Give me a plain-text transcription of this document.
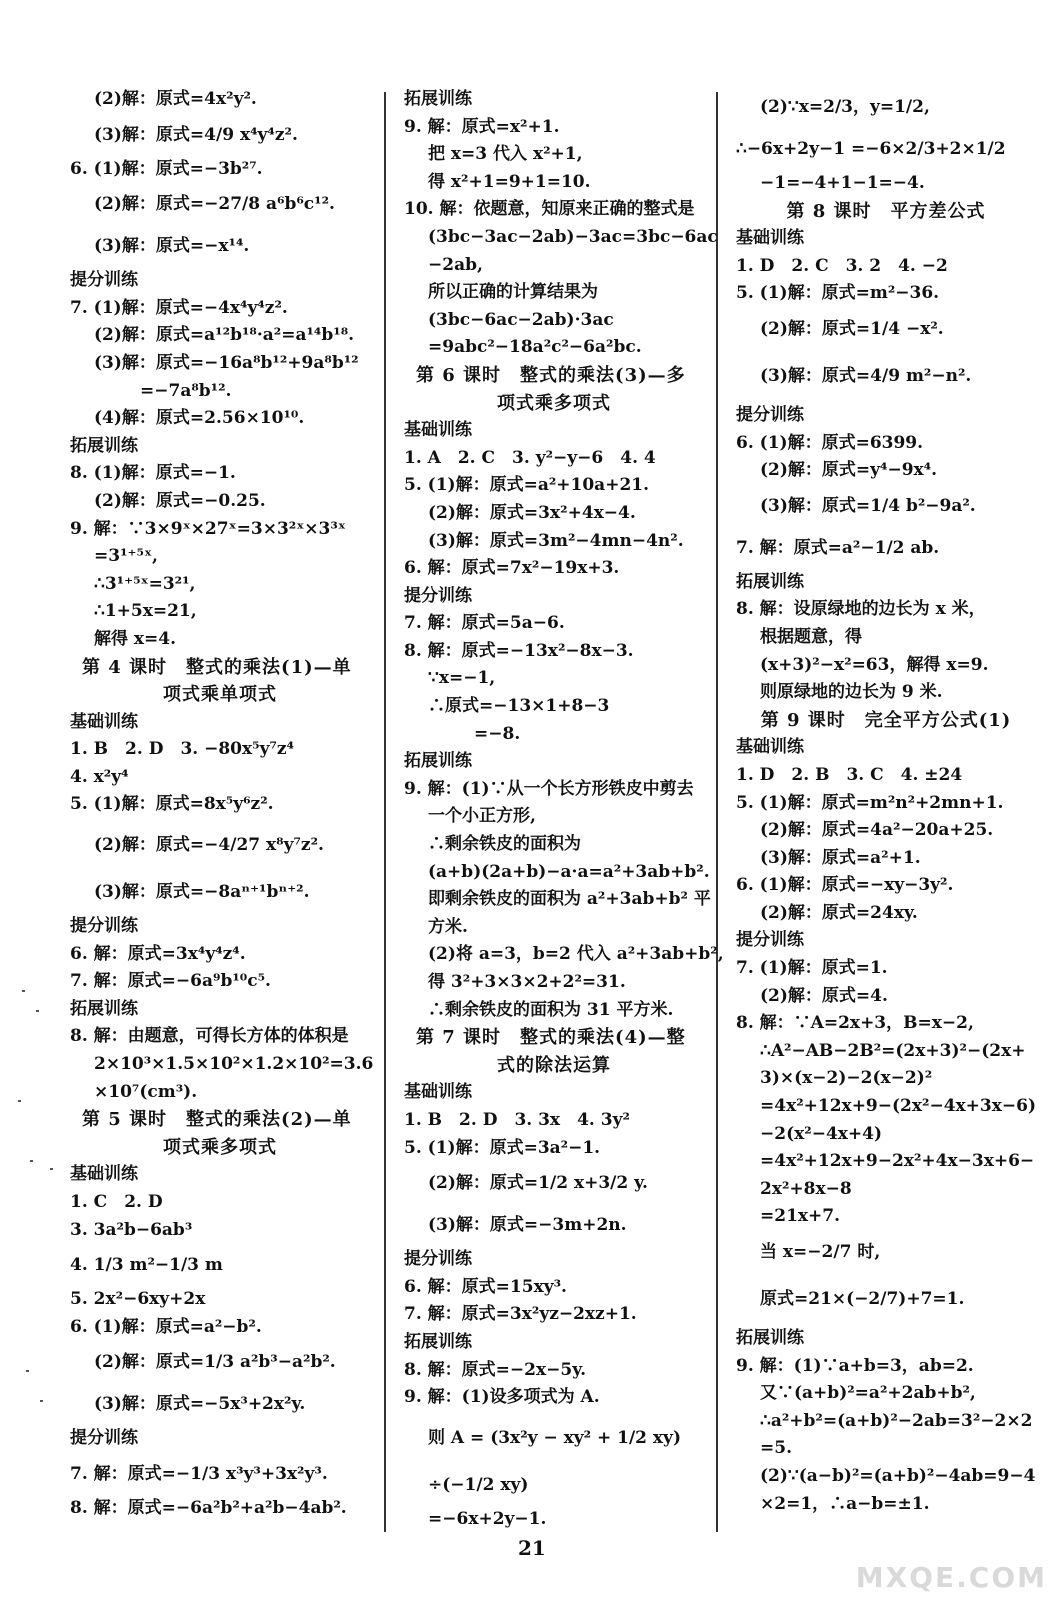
(2)解：原式=4x²y².
(3)解：原式=4/9 x⁴y⁴z².
6. (1)解：原式=−3b²⁷.
(2)解：原式=−27/8 a⁶b⁶c¹².
(3)解：原式=−x¹⁴.
提分训练
7. (1)解：原式=−4x⁴y⁴z².
(2)解：原式=a¹²b¹⁸·a²=a¹⁴b¹⁸.
(3)解：原式=−16a⁸b¹²+9a⁸b¹²
=−7a⁸b¹².
(4)解：原式=2.56×10¹⁰.
拓展训练
8. (1)解：原式=−1.
(2)解：原式=−0.25.
9. 解：∵3×9ˣ×27ˣ=3×3²ˣ×3³ˣ
=3¹⁺⁵ˣ,
∴3¹⁺⁵ˣ=3²¹,
∴1+5x=21,
解得 x=4.
第 4 课时　整式的乘法(1)—单
项式乘单项式
基础训练
1. B　2. D　3. −80x⁵y⁷z⁴
4. x²y⁴
5. (1)解：原式=8x⁵y⁶z².
(2)解：原式=−4/27 x⁸y⁷z².
(3)解：原式=−8aⁿ⁺¹bⁿ⁺².
提分训练
6. 解：原式=3x⁴y⁴z⁴.
7. 解：原式=−6a⁹b¹⁰c⁵.
拓展训练
8. 解：由题意，可得长方体的体积是
2×10³×1.5×10²×1.2×10²=3.6
×10⁷(cm³).
第 5 课时　整式的乘法(2)—单
项式乘多项式
基础训练
1. C　2. D
3. 3a²b−6ab³
4. 1/3 m²−1/3 m
5. 2x²−6xy+2x
6. (1)解：原式=a²−b².
(2)解：原式=1/3 a²b³−a²b².
(3)解：原式=−5x³+2x²y.
提分训练
7. 解：原式=−1/3 x³y³+3x²y³.
8. 解：原式=−6a²b²+a²b−4ab².
拓展训练
9. 解：原式=x²+1.
把 x=3 代入 x²+1,
得 x²+1=9+1=10.
10. 解：依题意，知原来正确的整式是
(3bc−3ac−2ab)−3ac=3bc−6ac
−2ab,
所以正确的计算结果为
(3bc−6ac−2ab)·3ac
=9abc²−18a²c²−6a²bc.
第 6 课时　整式的乘法(3)—多
项式乘多项式
基础训练
1. A　2. C　3. y²−y−6　4. 4
5. (1)解：原式=a²+10a+21.
(2)解：原式=3x²+4x−4.
(3)解：原式=3m²−4mn−4n².
6. 解：原式=7x²−19x+3.
提分训练
7. 解：原式=5a−6.
8. 解：原式=−13x²−8x−3.
∵x=−1,
∴原式=−13×1+8−3
=−8.
拓展训练
9. 解：(1)∵从一个长方形铁皮中剪去
一个小正方形,
∴剩余铁皮的面积为
(a+b)(2a+b)−a·a=a²+3ab+b².
即剩余铁皮的面积为 a²+3ab+b² 平
方米.
(2)将 a=3，b=2 代入 a²+3ab+b²,
得 3²+3×3×2+2²=31.
∴剩余铁皮的面积为 31 平方米.
第 7 课时　整式的乘法(4)—整
式的除法运算
基础训练
1. B　2. D　3. 3x　4. 3y²
5. (1)解：原式=3a²−1.
(2)解：原式=1/2 x+3/2 y.
(3)解：原式=−3m+2n.
提分训练
6. 解：原式=15xy³.
7. 解：原式=3x²yz−2xz+1.
拓展训练
8. 解：原式=−2x−5y.
9. 解：(1)设多项式为 A.
则 A = (3x²y − xy² + 1/2 xy)
÷(−1/2 xy)
=−6x+2y−1.
(2)∵x=2/3，y=1/2,
∴−6x+2y−1 =−6×2/3+2×1/2
−1=−4+1−1=−4.
第 8 课时　平方差公式
基础训练
1. D　2. C　3. 2　4. −2
5. (1)解：原式=m²−36.
(2)解：原式=1/4 −x².
(3)解：原式=4/9 m²−n².
提分训练
6. (1)解：原式=6399.
(2)解：原式=y⁴−9x⁴.
(3)解：原式=1/4 b²−9a².
7. 解：原式=a²−1/2 ab.
拓展训练
8. 解：设原绿地的边长为 x 米，
根据题意，得
(x+3)²−x²=63，解得 x=9.
则原绿地的边长为 9 米.
第 9 课时　完全平方公式(1)
基础训练
1. D　2. B　3. C　4. ±24
5. (1)解：原式=m²n²+2mn+1.
(2)解：原式=4a²−20a+25.
(3)解：原式=a²+1.
6. (1)解：原式=−xy−3y².
(2)解：原式=24xy.
提分训练
7. (1)解：原式=1.
(2)解：原式=4.
8. 解：∵A=2x+3，B=x−2,
∴A²−AB−2B²=(2x+3)²−(2x+
3)×(x−2)−2(x−2)²
=4x²+12x+9−(2x²−4x+3x−6)
−2(x²−4x+4)
=4x²+12x+9−2x²+4x−3x+6−
2x²+8x−8
=21x+7.
当 x=−2/7 时,
原式=21×(−2/7)+7=1.
拓展训练
9. 解：(1)∵a+b=3，ab=2.
又∵(a+b)²=a²+2ab+b²,
∴a²+b²=(a+b)²−2ab=3²−2×2
=5.
(2)∵(a−b)²=(a+b)²−4ab=9−4
×2=1，∴a−b=±1.
21
MXQE.COM
